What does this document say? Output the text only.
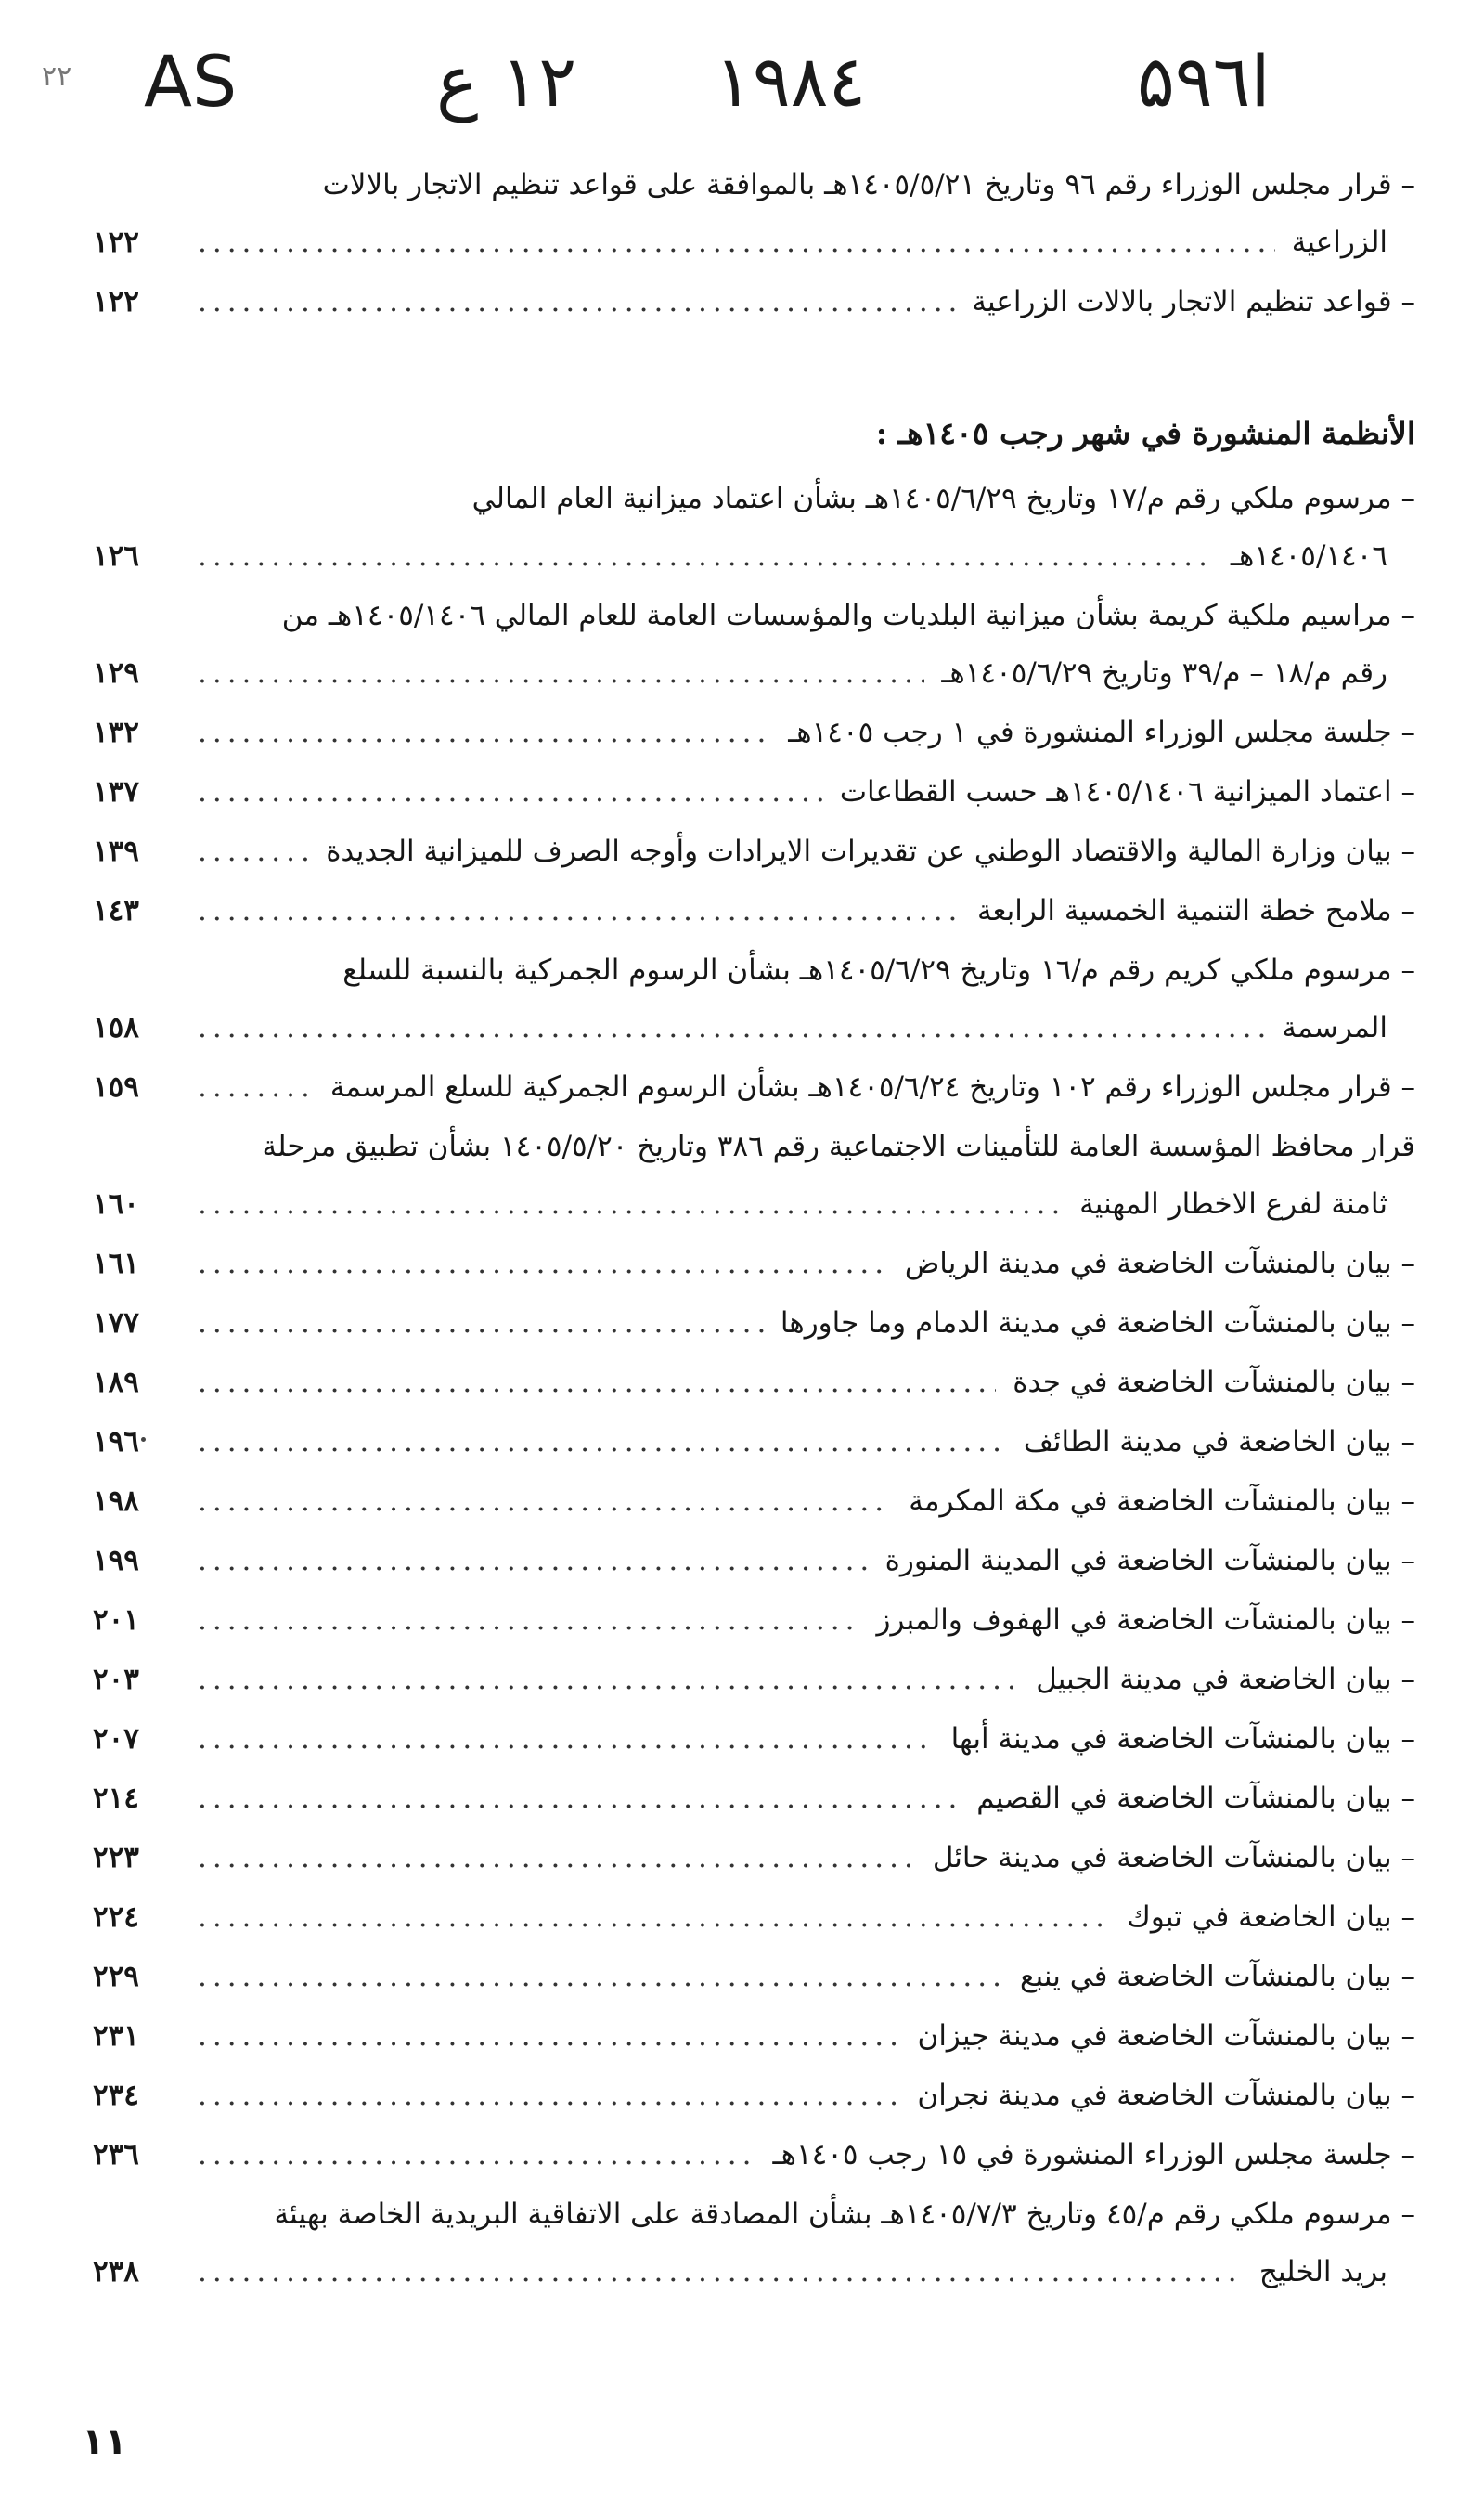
ا۵٩٦
١٩٨٤
١٢ ع
AS
٢٢
– قرار مجلس الوزراء رقم ٩٦ وتاريخ ١٤٠٥/٥/٢١هـ بالموافقة على قواعد تنظيم الاتجار بالالات
الزراعية
.....
١٢٢
– قواعد تنظيم الاتجار بالالات الزراعية
.....
١٢٢
الأنظمة المنشورة في شهر رجب ١٤٠٥هـ :
– مرسوم ملكي رقم م/١٧ وتاريخ ١٤٠٥/٦/٢٩هـ بشأن اعتماد ميزانية العام المالي
١٤٠٥/١٤٠٦هـ
.....
١٢٦
– مراسيم ملكية كريمة بشأن ميزانية البلديات والمؤسسات العامة للعام المالي ١٤٠٥/١٤٠٦هـ من
رقم م/١٨ – م/٣٩ وتاريخ ١٤٠٥/٦/٢٩هـ
.....
١٢٩
– جلسة مجلس الوزراء المنشورة في ١ رجب ١٤٠٥هـ
.....
١٣٢
– اعتماد الميزانية ١٤٠٥/١٤٠٦هـ حسب القطاعات
.....
١٣٧
– بيان وزارة المالية والاقتصاد الوطني عن تقديرات الايرادات وأوجه الصرف للميزانية الجديدة
.....
١٣٩
– ملامح خطة التنمية الخمسية الرابعة
.....
١٤٣
– مرسوم ملكي كريم رقم م/١٦ وتاريخ ١٤٠٥/٦/٢٩هـ بشأن الرسوم الجمركية بالنسبة للسلع
المرسمة
.....
١٥٨
– قرار مجلس الوزراء رقم ١٠٢ وتاريخ ١٤٠٥/٦/٢٤هـ بشأن الرسوم الجمركية للسلع المرسمة
.....
١٥٩
قرار محافظ المؤسسة العامة للتأمينات الاجتماعية رقم ٣٨٦ وتاريخ ١٤٠٥/٥/٢٠ بشأن تطبيق مرحلة
ثامنة لفرع الاخطار المهنية
.....
١٦٠
– بيان بالمنشآت الخاضعة في مدينة الرياض
.....
١٦١
– بيان بالمنشآت الخاضعة في مدينة الدمام وما جاورها
.....
١٧٧
– بيان بالمنشآت الخاضعة في جدة
.....
١٨٩
– بيان الخاضعة في مدينة الطائف
.....
١٩٦
– بيان بالمنشآت الخاضعة في مكة المكرمة
.....
١٩٨
– بيان بالمنشآت الخاضعة في المدينة المنورة
.....
١٩٩
– بيان بالمنشآت الخاضعة في الهفوف والمبرز
.....
٢٠١
– بيان الخاضعة في مدينة الجبيل
.....
٢٠٣
– بيان بالمنشآت الخاضعة في مدينة أبها
.....
٢٠٧
– بيان بالمنشآت الخاضعة في القصيم
.....
٢١٤
– بيان بالمنشآت الخاضعة في مدينة حائل
.....
٢٢٣
– بيان الخاضعة في تبوك
.....
٢٢٤
– بيان بالمنشآت الخاضعة في ينبع
.....
٢٢٩
– بيان بالمنشآت الخاضعة في مدينة جيزان
.....
٢٣١
– بيان بالمنشآت الخاضعة في مدينة نجران
.....
٢٣٤
– جلسة مجلس الوزراء المنشورة في ١٥ رجب ١٤٠٥هـ
.....
٢٣٦
– مرسوم ملكي رقم م/٤٥ وتاريخ ١٤٠٥/٧/٣هـ بشأن المصادقة على الاتفاقية البريدية الخاصة بهيئة
بريد الخليج
.....
٢٣٨
١١
